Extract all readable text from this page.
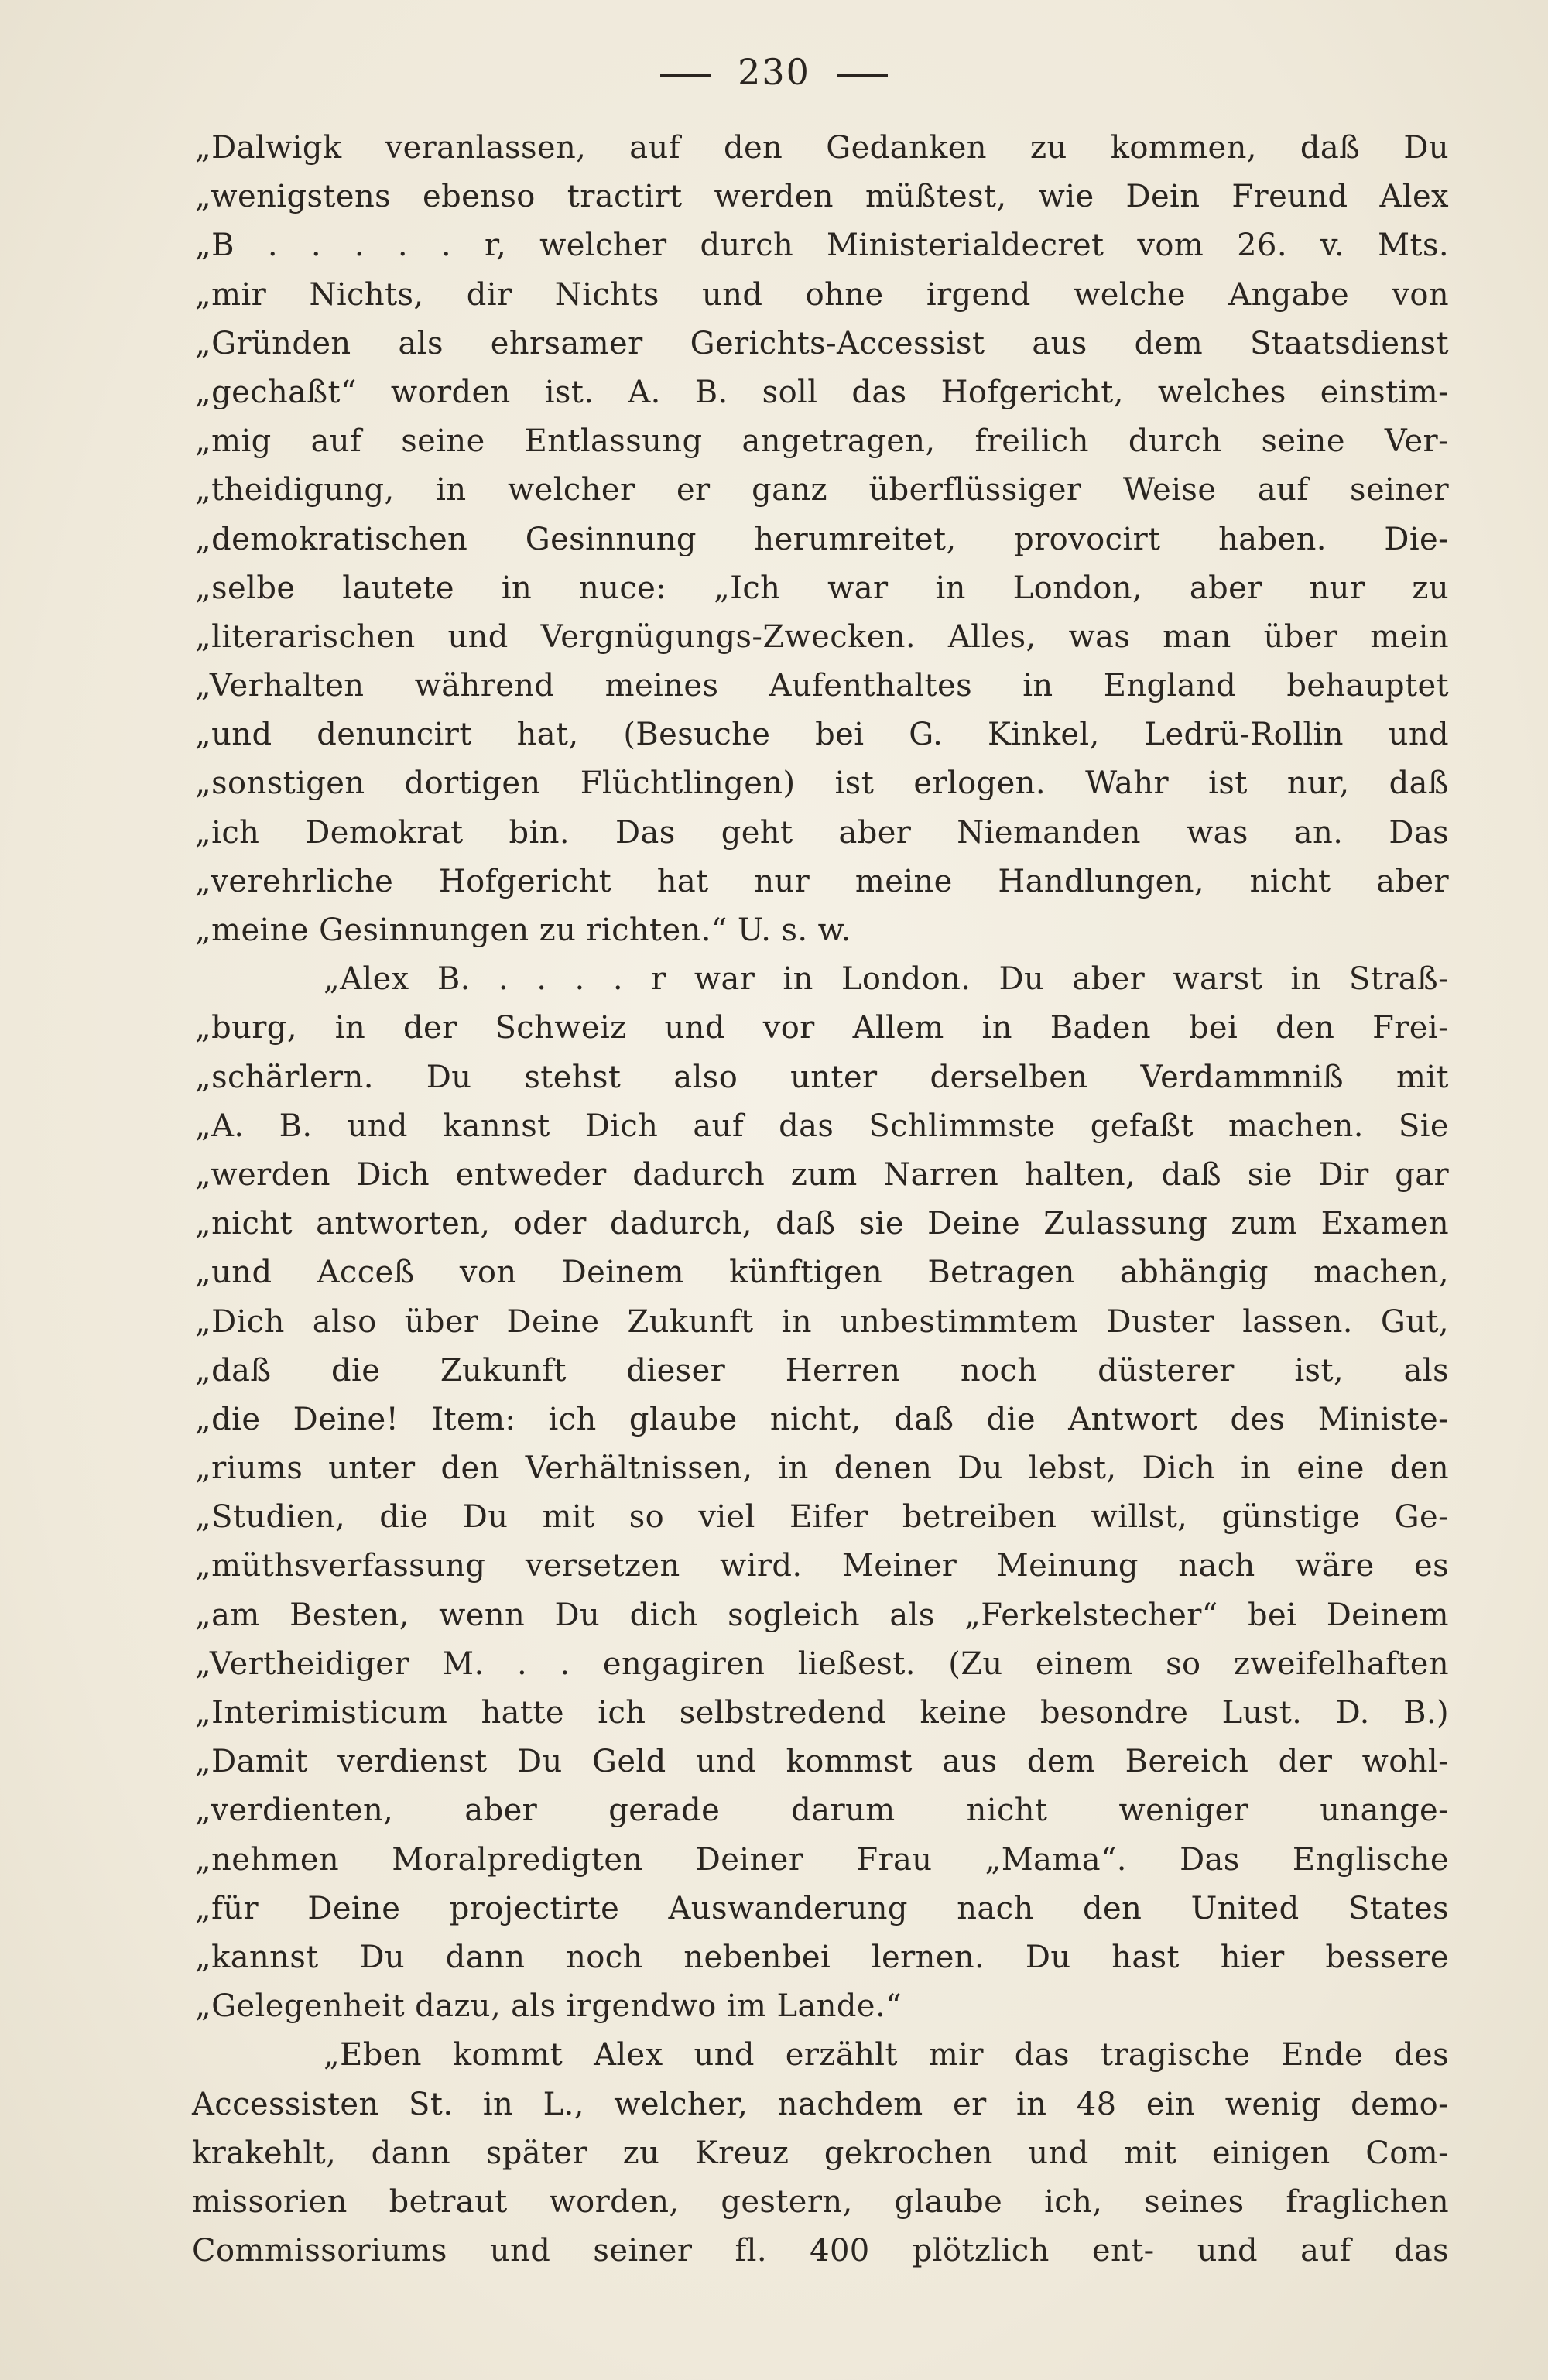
230
„Dalwigk veranlassen, auf den Gedanken zu kommen, daß Du
„wenigstens ebenso tractirt werden müßtest, wie Dein Freund Alex
„B . . . . . r, welcher durch Ministerialdecret vom 26. v. Mts.
„mir Nichts, dir Nichts und ohne irgend welche Angabe von
„Gründen als ehrsamer Gerichts-Accessist aus dem Staatsdienst
„gechaßt“ worden ist. A. B. soll das Hofgericht, welches einstim-
„mig auf seine Entlassung angetragen, freilich durch seine Ver-
„theidigung, in welcher er ganz überflüssiger Weise auf seiner
„demokratischen Gesinnung herumreitet, provocirt haben. Die-
„selbe lautete in nuce: „Ich war in London, aber nur zu
„literarischen und Vergnügungs-Zwecken. Alles, was man über mein
„Verhalten während meines Aufenthaltes in England behauptet
„und denuncirt hat, (Besuche bei G. Kinkel, Ledrü-Rollin und
„sonstigen dortigen Flüchtlingen) ist erlogen. Wahr ist nur, daß
„ich Demokrat bin. Das geht aber Niemanden was an. Das
„verehrliche Hofgericht hat nur meine Handlungen, nicht aber
„meine Gesinnungen zu richten.“ U. s. w.
„Alex B. . . . . r war in London. Du aber warst in Straß-
„burg, in der Schweiz und vor Allem in Baden bei den Frei-
„schärlern. Du stehst also unter derselben Verdammniß mit
„A. B. und kannst Dich auf das Schlimmste gefaßt machen. Sie
„werden Dich entweder dadurch zum Narren halten, daß sie Dir gar
„nicht antworten, oder dadurch, daß sie Deine Zulassung zum Examen
„und Acceß von Deinem künftigen Betragen abhängig machen,
„Dich also über Deine Zukunft in unbestimmtem Duster lassen. Gut,
„daß die Zukunft dieser Herren noch düsterer ist, als
„die Deine! Item: ich glaube nicht, daß die Antwort des Ministe-
„riums unter den Verhältnissen, in denen Du lebst, Dich in eine den
„Studien, die Du mit so viel Eifer betreiben willst, günstige Ge-
„müthsverfassung versetzen wird. Meiner Meinung nach wäre es
„am Besten, wenn Du dich sogleich als „Ferkelstecher“ bei Deinem
„Vertheidiger M. . . engagiren ließest. (Zu einem so zweifelhaften
„Interimisticum hatte ich selbstredend keine besondre Lust. D. B.)
„Damit verdienst Du Geld und kommst aus dem Bereich der wohl-
„verdienten, aber gerade darum nicht weniger unange-
„nehmen Moralpredigten Deiner Frau „Mama“. Das Englische
„für Deine projectirte Auswanderung nach den United States
„kannst Du dann noch nebenbei lernen. Du hast hier bessere
„Gelegenheit dazu, als irgendwo im Lande.“
„Eben kommt Alex und erzählt mir das tragische Ende des
Accessisten St. in L., welcher, nachdem er in 48 ein wenig demo-
krakehlt, dann später zu Kreuz gekrochen und mit einigen Com-
missorien betraut worden, gestern, glaube ich, seines fraglichen
Commissoriums und seiner fl. 400 plötzlich ent- und auf das
